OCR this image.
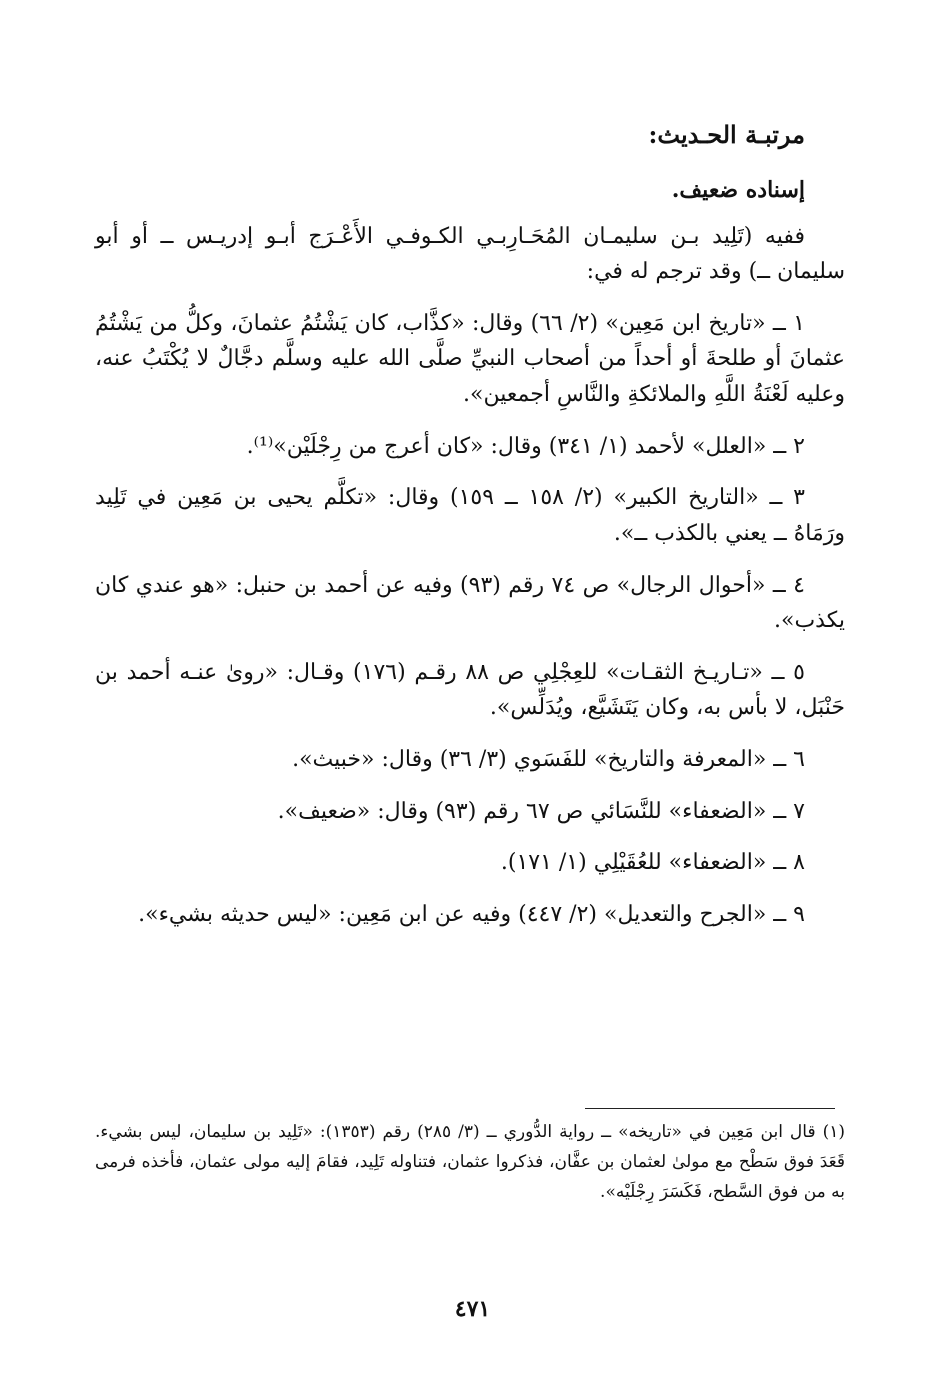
مرتبـة الحـديث:
إسناده ضعيف.

ففيه (تَلِيد بـن سليمـان المُحَـارِبـي الكـوفـي الأَعْـرَج أبـو إدريـس ــ أو أبو سليمان ــ) وقد ترجم له في:

١ ــ «تاريخ ابن مَعِين» (٢/ ٦٦) وقال: «كذَّاب، كان يَشْتُمُ عثمانَ، وكلُّ من يَشْتُمُ عثمانَ أو طلحةَ أو أحداً من أصحاب النبيِّ صلَّى الله عليه وسلَّم دجَّالٌ لا يُكْتَبُ عنه، وعليه لَعْنَةُ اللَّهِ والملائكةِ والنَّاسِ أجمعين».

٢ ــ «العلل» لأحمد (١/ ٣٤١) وقال: «كان أعرج من رِجْلَيْن»⁽¹⁾.

٣ ــ «التاريخ الكبير» (٢/ ١٥٨ ــ ١٥٩) وقال: «تكلَّم يحيى بن مَعِين في تَلِيد ورَمَاهُ ــ يعني بالكذب ــ».

٤ ــ «أحوال الرجال» ص ٧٤ رقم (٩٣) وفيه عن أحمد بن حنبل: «هو عندي كان يكذب».

٥ ــ «تـاريـخ الثقـات» للعِجْلِي ص ٨٨ رقـم (١٧٦) وقـال: «روىٰ عنـه أحمد بن حَنْبَل، لا بأس به، وكان يَتَشَيَّع، ويُدَلِّس».

٦ ــ «المعرفة والتاريخ» للفَسَوي (٣/ ٣٦) وقال: «خبيث».

٧ ــ «الضعفاء» للنَّسَائي ص ٦٧ رقم (٩٣) وقال: «ضعيف».

٨ ــ «الضعفاء» للعُقَيْلِي (١/ ١٧١).

٩ ــ «الجرح والتعديل» (٢/ ٤٤٧) وفيه عن ابن مَعِين: «ليس حديثه بشيء».

(١) قال ابن مَعِين في «تاريخه» ــ رواية الدُّوري ــ (٣/ ٢٨٥) رقم (١٣٥٣): «تَلِيد بن سليمان، ليس بشيء. قَعَدَ فوق سَطْح مع مولىٰ لعثمان بن عفَّان، فذكروا عثمان، فتناوله تَلِيد، فقامَ إليه مولى عثمان، فأخذه فرمى به من فوق السَّطح، فَكَسَرَ رِجْلَيْه».
٤٧١
